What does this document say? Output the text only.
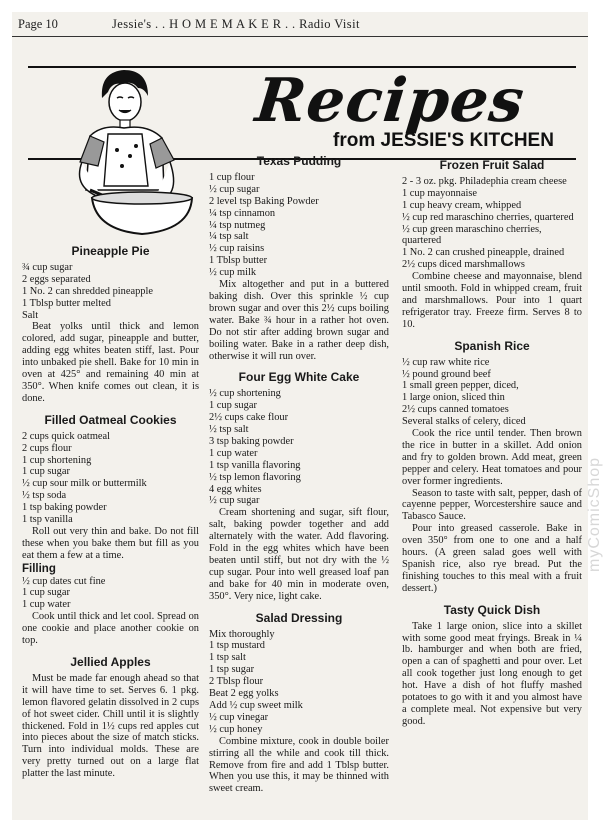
Page 10	Jessie's . . H O M E M A K E R . . Radio Visit
Recipes
from JESSIE'S KITCHEN
Pineapple Pie
¾ cup sugar
2 eggs separated
1 No. 2 can shredded pineapple
1 Tblsp butter melted
Salt

Beat yolks until thick and lemon colored, add sugar, pineapple and butter, adding egg whites beaten stiff, last. Pour into unbaked pie shell. Bake for 10 min in oven at 425° and remaining 40 min at 350°. When knife comes out clean, it is done.

Filled Oatmeal Cookies
2 cups quick oatmeal
2 cups flour
1 cup shortening
1 cup sugar
½ cup sour milk or buttermilk
½ tsp soda
1 tsp baking powder
1 tsp vanilla

Roll out very thin and bake. Do not fill these when you bake them but fill as you eat them a few at a time.

Filling
½ cup dates cut fine
1 cup sugar
1 cup water

Cook until thick and let cool. Spread on one cookie and place another cookie on top.

Jellied Apples

Must be made far enough ahead so that it will have time to set. Serves 6. 1 pkg. lemon flavored gelatin dissolved in 2 cups of hot sweet cider. Chill until it is slightly thickened. Fold in 1½ cups red apples cut into pieces about the size of match sticks. Turn into individual molds. These are very pretty turned out on a large flat platter the last minute.

Texas Pudding
1 cup flour
½ cup sugar
2 level tsp Baking Powder
¼ tsp cinnamon
¼ tsp nutmeg
¼ tsp salt
½ cup raisins
1 Tblsp butter
½ cup milk

Mix altogether and put in a buttered baking dish. Over this sprinkle ½ cup brown sugar and over this 2½ cups boiling water. Bake ¾ hour in a rather hot oven. Do not stir after adding brown sugar and boiling water. Bake in a rather deep dish, otherwise it will run over.

Four Egg White Cake
½ cup shortening
1 cup sugar
2½ cups cake flour
½ tsp salt
3 tsp baking powder
1 cup water
1 tsp vanilla flavoring
½ tsp lemon flavoring
4 egg whites
½ cup sugar

Cream shortening and sugar, sift flour, salt, baking powder together and add alternately with the water. Add flavoring. Fold in the egg whites which have been beaten until stiff, but not dry with the ½ cup sugar. Pour into well greased loaf pan and bake for 40 min in moderate oven, 350°. Very nice, light cake.

Salad Dressing
Mix thoroughly
1 tsp mustard
1 tsp salt
1 tsp sugar
2 Tblsp flour
Beat 2 egg yolks
Add ½ cup sweet milk
½ cup vinegar
½ cup honey

Combine mixture, cook in double boiler stirring all the while and cook till thick. Remove from fire and add 1 Tblsp butter. When you use this, it may be thinned with sweet cream.

Frozen Fruit Salad
2 - 3 oz. pkg. Philadephia cream cheese
1 cup mayonnaise
1 cup heavy cream, whipped
½ cup red maraschino cherries, quartered
½ cup green maraschino cherries, quartered
1 No. 2 can crushed pineapple, drained
2½ cups diced marshmallows

Combine cheese and mayonnaise, blend until smooth. Fold in whipped cream, fruit and marshmallows. Pour into 1 quart refrigerator tray. Freeze firm. Serves 8 to 10.

Spanish Rice
½ cup raw white rice
½ pound ground beef
1 small green pepper, diced,
1 large onion, sliced thin
2½ cups canned tomatoes
Several stalks of celery, diced

Cook the rice until tender. Then brown the rice in butter in a skillet. Add onion and fry to golden brown. Add meat, green pepper and celery. Heat tomatoes and pour over former ingredients.

Season to taste with salt, pepper, dash of cayenne pepper, Worcestershire sauce and Tabasco Sauce.

Pour into greased casserole. Bake in oven 350° from one to one and a half hours. (A green salad goes well with Spanish rice, also rye bread. Put the finishing touches to this meal with a fruit dessert.)

Tasty Quick Dish

Take 1 large onion, slice into a skillet with some good meat fryings. Break in ¼ lb. hamburger and when both are fried, open a can of spaghetti and pour over. Let all cook together just long enough to get hot. Have a dish of hot fluffy mashed potatoes to go with it and you almost have a complete meal. Not expensive but very good.

myComicShop
